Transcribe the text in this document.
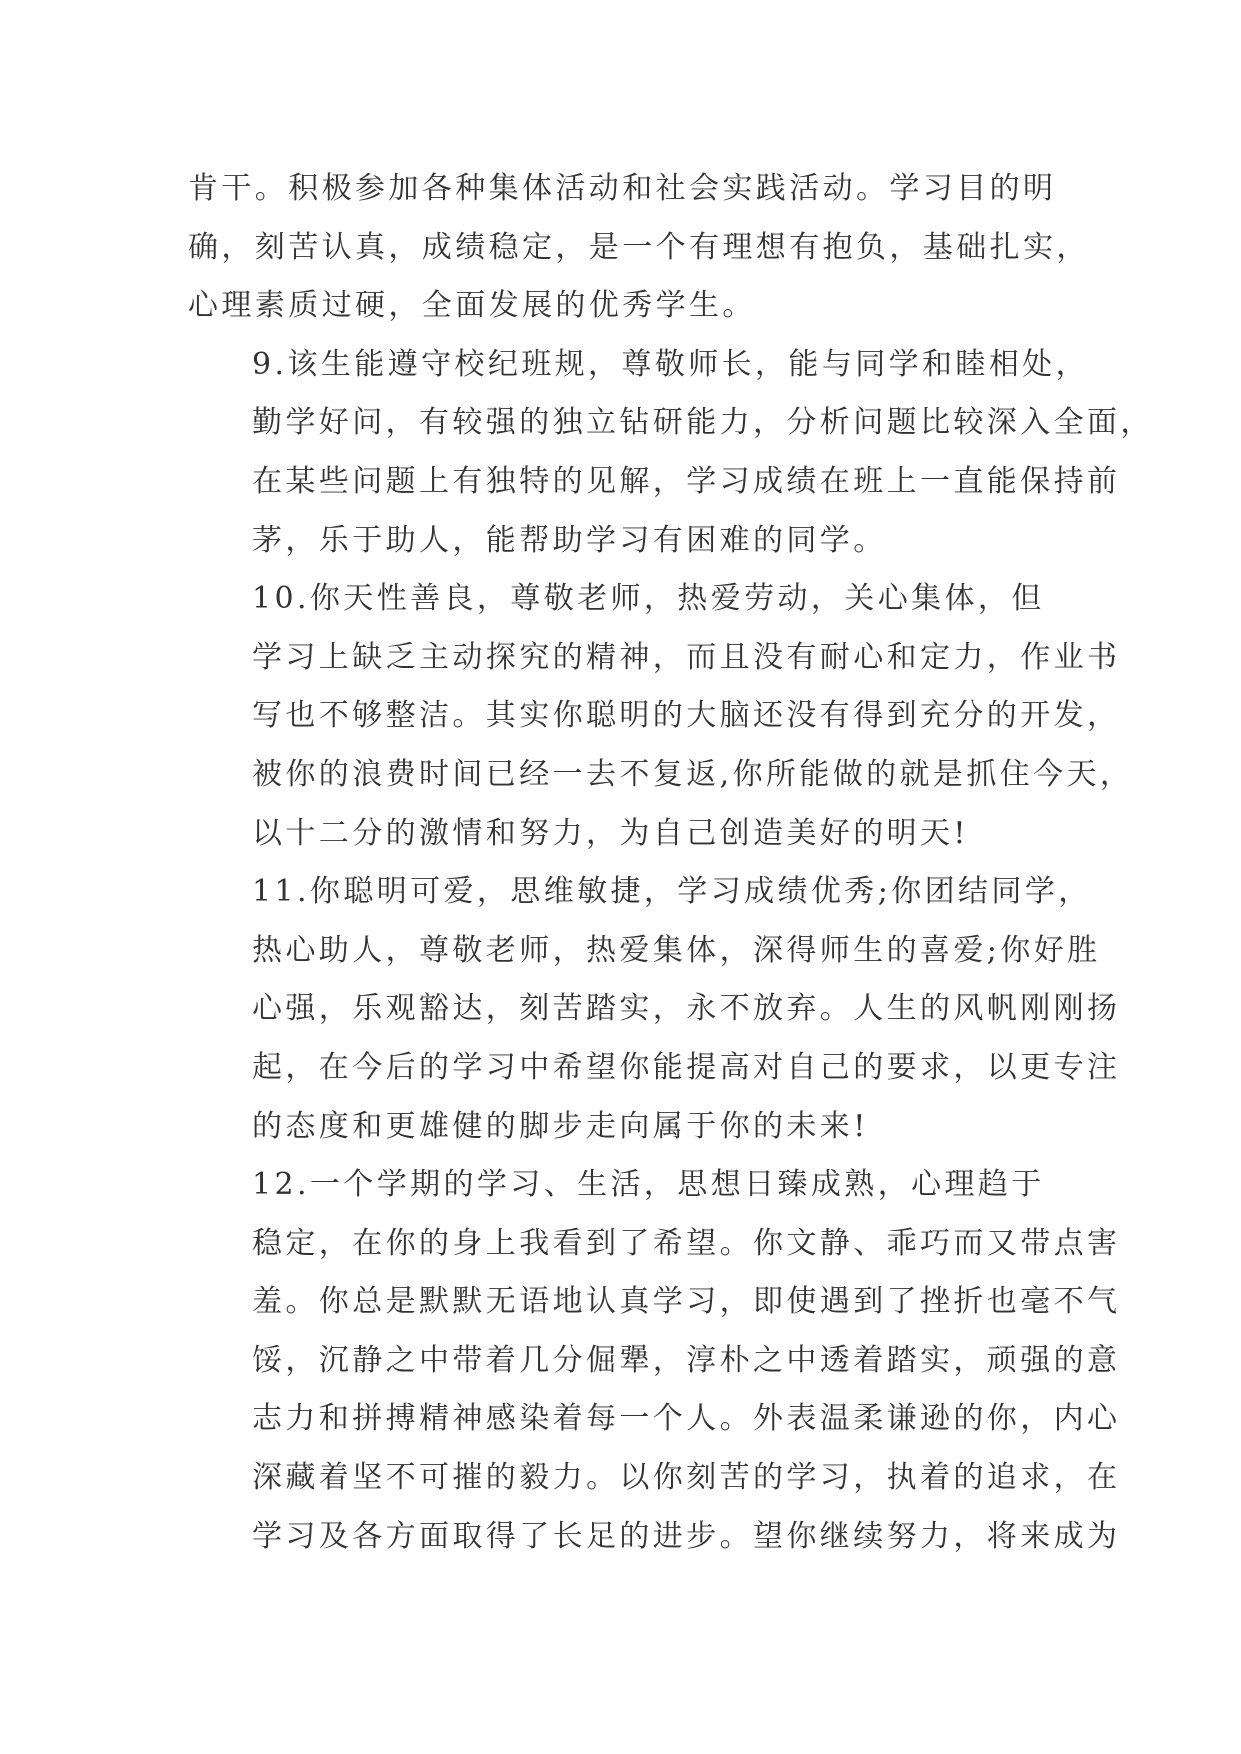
肯干。积极参加各种集体活动和社会实践活动。学习目的明
确，刻苦认真，成绩稳定，是一个有理想有抱负，基础扎实，
心理素质过硬，全面发展的优秀学生。

9.该生能遵守校纪班规，尊敬师长，能与同学和睦相处，
勤学好问，有较强的独立钻研能力，分析问题比较深入全面，
在某些问题上有独特的见解，学习成绩在班上一直能保持前
茅，乐于助人，能帮助学习有困难的同学。

10.你天性善良，尊敬老师，热爱劳动，关心集体，但
学习上缺乏主动探究的精神，而且没有耐心和定力，作业书
写也不够整洁。其实你聪明的大脑还没有得到充分的开发，
被你的浪费时间已经一去不复返,你所能做的就是抓住今天，
以十二分的激情和努力，为自己创造美好的明天!

11.你聪明可爱，思维敏捷，学习成绩优秀;你团结同学，
热心助人，尊敬老师，热爱集体，深得师生的喜爱;你好胜
心强，乐观豁达，刻苦踏实，永不放弃。人生的风帆刚刚扬
起，在今后的学习中希望你能提高对自己的要求，以更专注
的态度和更雄健的脚步走向属于你的未来!

12.一个学期的学习、生活，思想日臻成熟，心理趋于
稳定，在你的身上我看到了希望。你文静、乖巧而又带点害
羞。你总是默默无语地认真学习，即使遇到了挫折也毫不气
馁，沉静之中带着几分倔犟，淳朴之中透着踏实，顽强的意
志力和拼搏精神感染着每一个人。外表温柔谦逊的你，内心
深藏着坚不可摧的毅力。以你刻苦的学习，执着的追求，在
学习及各方面取得了长足的进步。望你继续努力，将来成为
